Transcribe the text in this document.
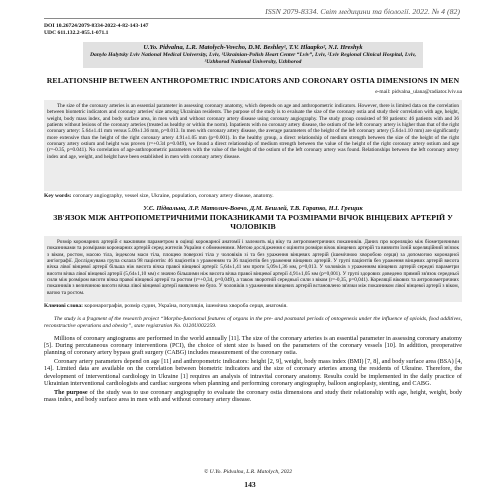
ISSN 2079-8334. Світ медицини та біології. 2022. № 4 (82)
DOI 10.26724/2079-8334-2022-4-82-143-147
UDC 611.132.2-055.1-071.1
U.Yo. Pidvalna, L.R. Matolych-Vovcho, D.M. Beshley¹, T.V. Hlaapko², N.I. Hreshyk
Danylo Halytsky Lviv National Medical University, Lviv, ¹Ukrainian-Polish Heart Center “Lviv”, Lviv, ²Lviv Regional Clinical Hospital, Lviv, ³Uzhhorod National University, Uzhhorod
RELATIONSHIP BETWEEN ANTHROPOMETRIC INDICATORS AND CORONARY OSTIA DIMENSIONS IN MEN
e-mail: pidvalna_ulana@radiator.lviv.ua

The size of the coronary arteries is an essential parameter in assessing coronary anatomy, which depends on age and anthropometric indicators. However, there is limited data on the correlation between biometric indicators and coronary arteries' size among Ukrainian residents. The purpose of the study is to evaluate the size of the coronary ostia and study their correlation with age, height, weight, body mass index, and body surface area, in men with and without coronary artery disease using coronary angiography. The study group consisted of 98 patients: 46 patients with and 36 patients without lesions of the coronary arteries (treated as healthy or within the norm). Inpatients with no coronary artery disease, the ostium of the left coronary artery is higher than that of the right coronary artery: 5.64±1.41 mm versus 5.09±1.36 mm, p=0.013. In men with coronary artery disease, the average parameters of the height of the left coronary artery (5.64±1.10 mm) are significantly more extensive than the height of the right coronary artery 4.91±1.05 mm (p=0.001). In the healthy group, a direct relationship of medium strength between the size of the height of the right coronary artery ostium and height was proven (r=+0.34 p=0.049), we found a direct relationship of medium strength between the value of the height of the right coronary artery ostium and age (r=-0.35, p=0.041). No correlation of age-anthropometric parameters with the value of the height of the ostium of the left coronary artery was found. Relationships between the left coronary artery index and age, weight, and height have been established in men with coronary artery disease.

Key words: coronary angiography, vessel size, Ukraine, population, coronary artery disease, anatomy.
У.Є. Підвальна, Л.Р. Матолич-Вовчо, Д.М. Бешлей, Т.В. Гарапко, Н.І. Грещик
ЗВ'ЯЗОК МІЖ АНТРОПОМЕТРИЧНИМИ ПОКАЗНИКАМИ ТА РОЗМІРАМИ ВІЧОК ВІНЦЕВИХ АРТЕРІЙ У ЧОЛОВІКІВ

Розмір коронарних артерій є важливим параметром в оцінці коронарної анатомії і залежить від віку та антропометричних показників. Даних про кореляцію між біометричними показниками та розмірами коронарних артерій серед жителів України є обмеженими. Метою дослідження є оцінити розміри вічок вінцевих артерій та вивчити їхній кореляційний зв'язок з віком, ростом, масою тіла, індексом маси тіла, площею поверхні тіла у чоловіків зі та без ураження вінцевих артерій (ішемічною хворобою серця) за допомогою коронарної ангіографії. Досліджувана група склала 98 пацієнтів: 46 пацієнтів з ураженням та 36 пацієнтів без ураження вінцевих артерій. У групі пацієнтів без ураження вінцевих артерій висота вічка лівої вінцевої артерії більша ніж висота вічка правої вінцевої артерії: 5,64±1,41 мм проти 5,09±1,36 мм, p=0,013. У чоловіків з ураженням вінцевих артерій середні параметри висоти вічка лівої вінцевої артерії (5,64±1,10 мм) є значно більшими ніж висота вічка правої вінцевої артерії 4,91±1,05 мм (p=0,001). У групі здорових доведено прямий зв'язок середньої сили між розміром висоти вічка правої вінцевої артерії та ростом (r=+0,34, p=0,049), а також зворотній середньої сили з віком (r=-0,35, p=0,041). Кореляції вікових та антропометричних показників з величиною висоти вічка лівої вінцевої артерії виявлено не було. У чоловіків з ураженням вінцевих артерій встановлено зв'язки між показником лівої вінцевої артерії з віком, вагою та ростом.

Ключові слова: коронарографія, розмір судин, Україна, популяція, ішемічна хвороба серця, анатомія.
The study is a fragment of the research project “Morpho-functional features of organs in the pre- and postnatal periods of ontogenesis under the influence of opioids, food additives, reconstructive operations and obesity”, state registration No. 0120U002259.

Millions of coronary angiograms are performed in the world annually [11]. The size of the coronary arteries is an essential parameter in assessing coronary anatomy [5]. During percutaneous coronary interventions (PCI), the choice of stent size is based on the parameters of the coronary vessels [10]. In addition, preoperative planning of coronary artery bypass graft surgery (CABG) includes measurement of the coronary ostia.

Coronary artery parameters depend on age [11] and anthropometric indicators: height [2, 9], weight, body mass index (BMI) [7, 8], and body surface area (BSA) [4, 14]. Limited data are available on the correlation between biometric indicators and the size of coronary arteries among the residents of Ukraine. Therefore, the development of interventional cardiology in Ukraine [1] requires an analysis of intravital coronary anatomy. Results could be implemented in the daily practice of Ukrainian interventional cardiologists and cardiac surgeons when planning and performing coronary angiography, balloon angioplasty, stenting, and CABG.

The purpose of the study was to use coronary angiography to evaluate the coronary ostia dimensions and study their relationship with age, height, weight, body mass index, and body surface area in men with and without coronary artery disease.

© U.Yo. Pidvalna, L.R. Matolych, 2022
143
